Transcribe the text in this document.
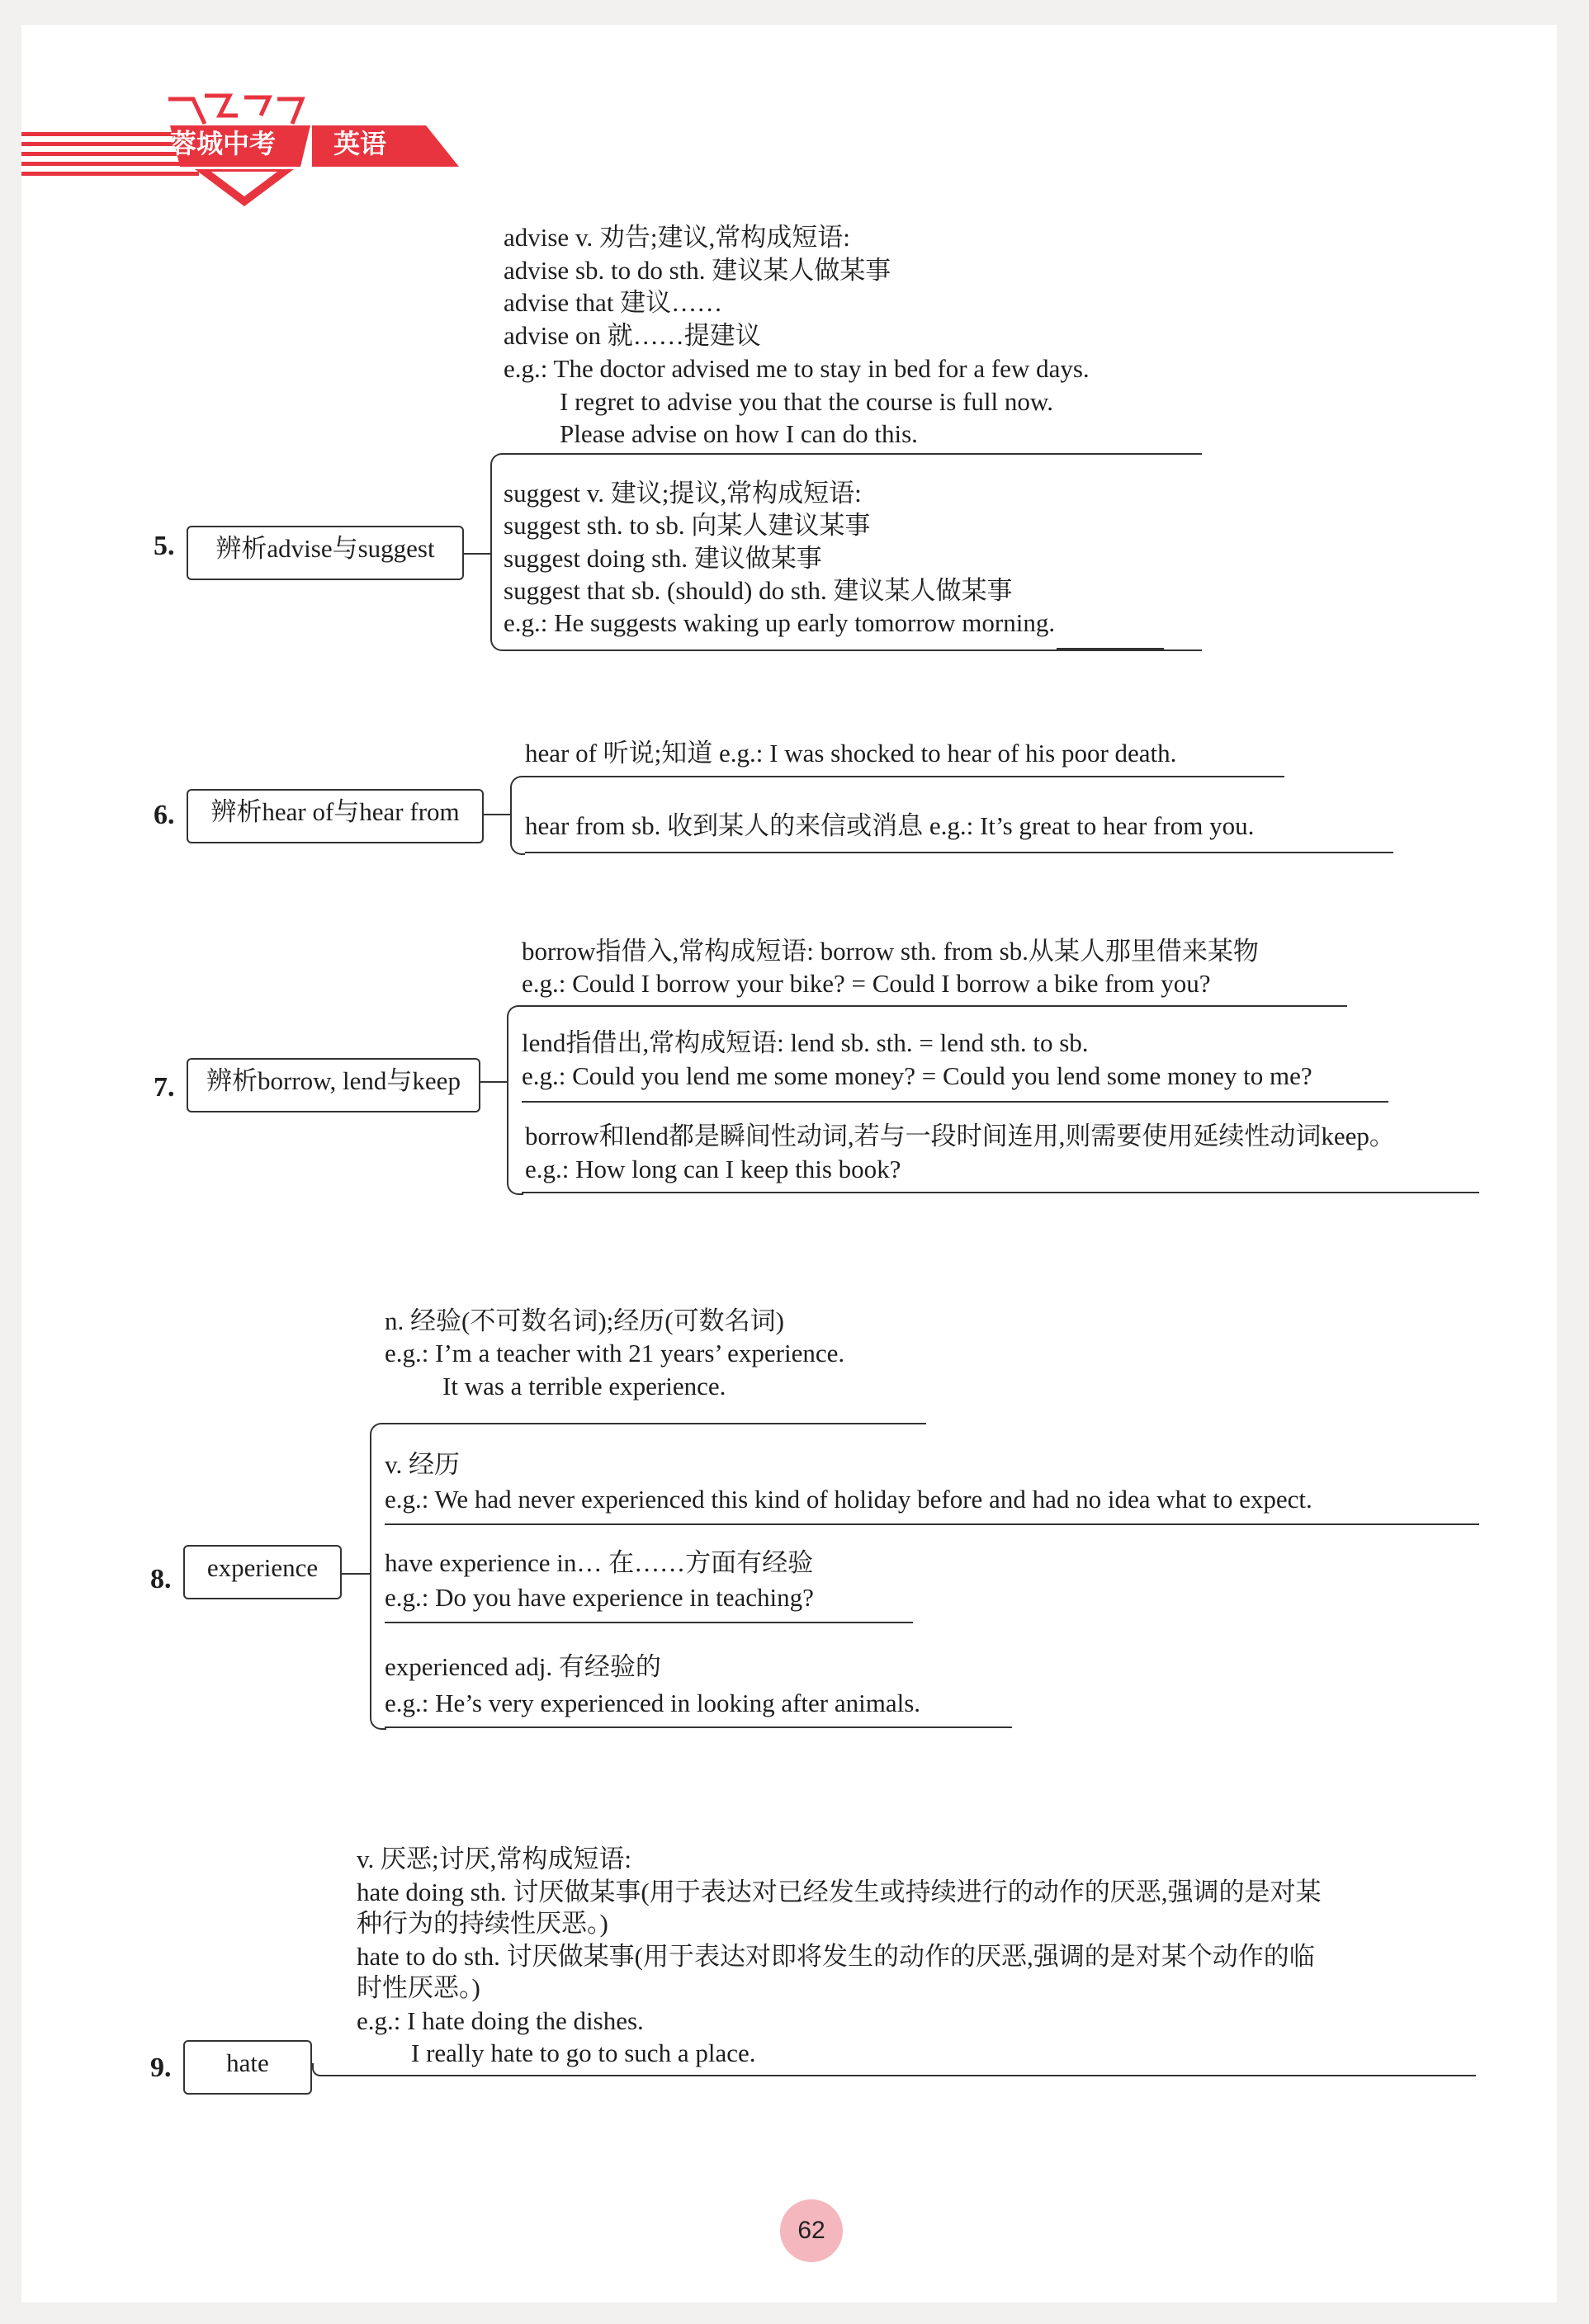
蓉城中考 英语
advise v. 劝告;建议,常构成短语:
advise sb. to do sth. 建议某人做某事
advise that 建议……
advise on 就……提建议
e.g.: The doctor advised me to stay in bed for a few days.
I regret to advise you that the course is full now.
Please advise on how I can do this.
suggest v. 建议;提议,常构成短语:
suggest sth. to sb. 向某人建议某事
suggest doing sth. 建议做某事
suggest that sb. (should) do sth. 建议某人做某事
e.g.: He suggests waking up early tomorrow morning.
5.	辨析advise与suggest
hear of 听说;知道 e.g.: I was shocked to hear of his poor death.
hear from sb. 收到某人的来信或消息 e.g.: It’s great to hear from you.
6.	辨析hear of与hear from
borrow指借入,常构成短语: borrow sth. from sb.从某人那里借来某物
e.g.: Could I borrow your bike? = Could I borrow a bike from you?
lend指借出,常构成短语: lend sb. sth. = lend sth. to sb.
e.g.: Could you lend me some money? = Could you lend some money to me?
borrow和lend都是瞬间性动词,若与一段时间连用,则需要使用延续性动词keep。
e.g.: How long can I keep this book?
7.	辨析borrow, lend与keep
n. 经验(不可数名词);经历(可数名词)
e.g.: I’m a teacher with 21 years’ experience.
It was a terrible experience.
v. 经历
e.g.: We had never experienced this kind of holiday before and had no idea what to expect.
have experience in… 在……方面有经验
e.g.: Do you have experience in teaching?
experienced adj. 有经验的
e.g.: He’s very experienced in looking after animals.
8.	experience
v. 厌恶;讨厌,常构成短语:
hate doing sth. 讨厌做某事(用于表达对已经发生或持续进行的动作的厌恶,强调的是对某
种行为的持续性厌恶。)
hate to do sth. 讨厌做某事(用于表达对即将发生的动作的厌恶,强调的是对某个动作的临
时性厌恶。)
e.g.: I hate doing the dishes.
I really hate to go to such a place.
9.	hate
62
